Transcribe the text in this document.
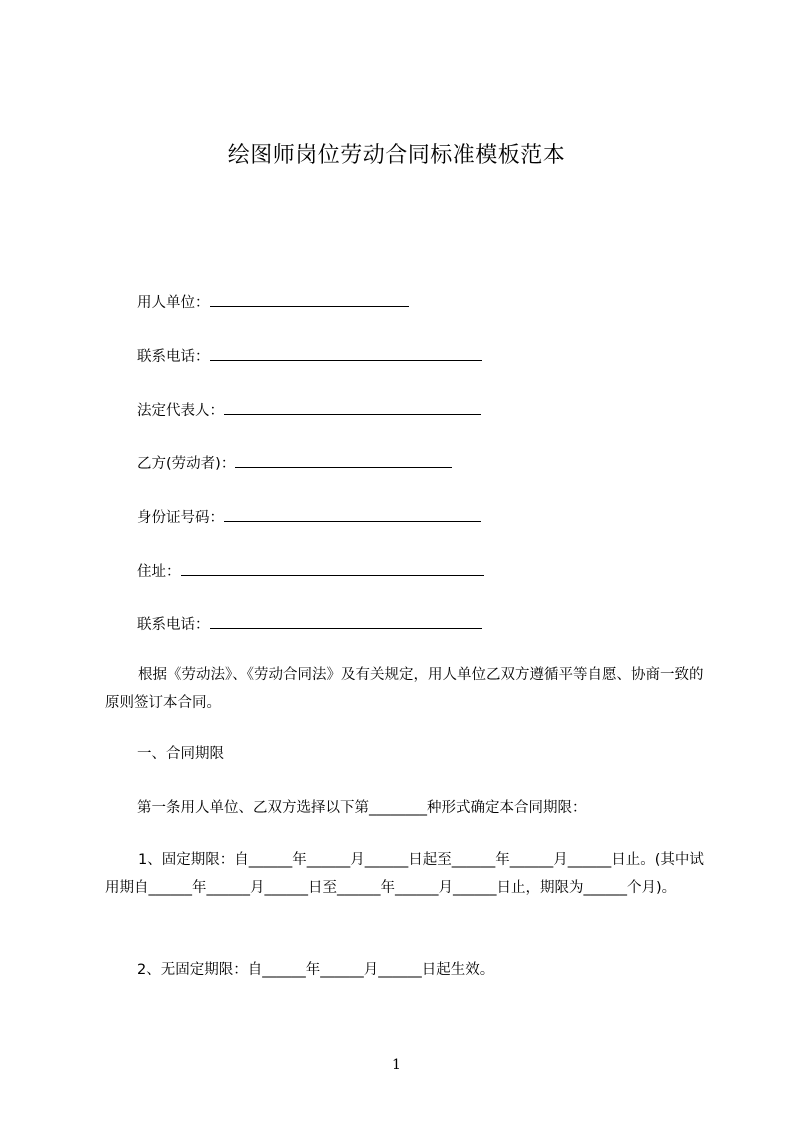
绘图师岗位劳动合同标准模板范本
用人单位：
联系电话：
法定代表人：
乙方(劳动者)：
身份证号码：
住址：
联系电话：

根据《劳动法》、《劳动合同法》及有关规定，用人单位乙双方遵循平等自愿、协商一致的原则签订本合同。

一、合同期限
第一条用人单位、乙双方选择以下第________种形式确定本合同期限：

1、固定期限：自______年______月______日起至______年______月______日止。(其中试用期自______年______月______日至______年______月______日止，期限为______个月)。

2、无固定期限：自______年______月______日起生效。
1
